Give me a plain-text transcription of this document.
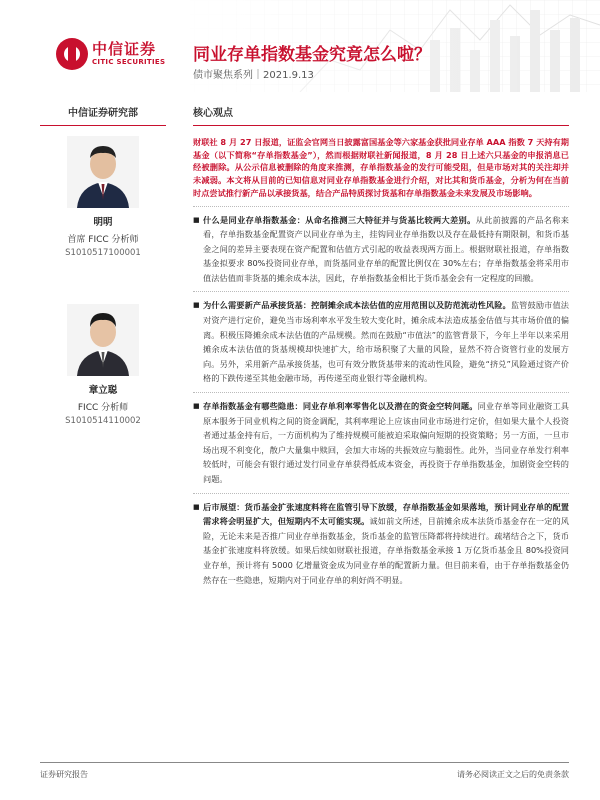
中信证券
CITIC SECURITIES 同业存单指数基金究竟怎么啦？
债市聚焦系列｜2021.9.13
中信证券研究部
明明
首席 FICC 分析师
S1010517100001
章立聪
FICC 分析师
S1010514110002
核心观点

财联社 8 月 27 日报道，证监会官网当日披露富国基金等六家基金获批同业存单 AAA 指数 7 天持有期基金（以下简称“存单指数基金”），然而根据财联社新闻报道，8 月 28 日上述六只基金的申报消息已经被删除。从公示信息被删除的角度来推测，存单指数基金的发行可能受阻，但是市场对其的关注却并未减弱。本文将从目前的已知信息对同业存单指数基金进行介绍，对比其和货币基金，分析为何在当前时点尝试推行新产品以承接货基，结合产品特质探讨货基和存单指数基金未来发展及市场影响。

■ 什么是同业存单指数基金：从命名推测三大特征并与货基比较两大差别。从此前披露的产品名称来看，存单指数基金配置资产以同业存单为主，挂钩同业存单指数以及存在最低持有期限制，和货币基金之间的差异主要表现在资产配置和估值方式引起的收益表现两方面上。根据财联社报道，存单指数基金拟要求 80%投资同业存单，而货基同业存单的配置比例仅在 30%左右；存单指数基金将采用市值法估值而非货基的摊余成本法，因此，存单指数基金相比于货币基金会有一定程度的回撤。

■ 为什么需要新产品承接货基：控制摊余成本法估值的应用范围以及防范流动性风险。监管鼓励市值法对资产进行定价，避免当市场利率水平发生较大变化时，摊余成本法造成基金估值与其市场价值的偏离。积极压降摊余成本法估值的产品规模。然而在鼓励“市值法”的监管背景下，今年上半年以来采用摊余成本法估值的货基规模却快速扩大，给市场积聚了大量的风险，显然不符合资管行业的发展方向。另外，采用新产品承接货基，也可有效分散货基带来的流动性风险，避免“挤兑”风险通过资产价格的下跌传递至其他金融市场，再传递至商业银行等金融机构。

■ 存单指数基金有哪些隐患：同业存单利率零售化以及潜在的资金空转问题。同业存单等同业融资工具原本服务于同业机构之间的资金调配，其利率理论上应该由同业市场进行定价，但如果大量个人投资者通过基金持有后，一方面机构为了维持规模可能被迫采取偏向短期的投资策略；另一方面，一旦市场出现不利变化，散户大量集中赎回，会加大市场的共振效应与脆弱性。此外，当同业存单发行利率较低时，可能会有银行通过发行同业存单获得低成本资金，再投资于存单指数基金，加剧资金空转的问题。

■ 后市展望：货币基金扩张速度料将在监管引导下放缓，存单指数基金如果落地，预计同业存单的配置需求将会明显扩大，但短期内不太可能实现。诚如前文所述，目前摊余成本法货币基金存在一定的风险，无论未来是否推广同业存单指数基金，货币基金的监管压降都将持续进行。疏堵结合之下，货币基金扩张速度料将放缓。如果后续如财联社报道，存单指数基金承接 1 万亿货币基金且 80%投资同业存单，预计将有 5000 亿增量资金成为同业存单的配置新力量。但目前来看，由于存单指数基金仍然存在一些隐患，短期内对于同业存单的利好尚不明显。

证券研究报告	请务必阅读正文之后的免责条款
